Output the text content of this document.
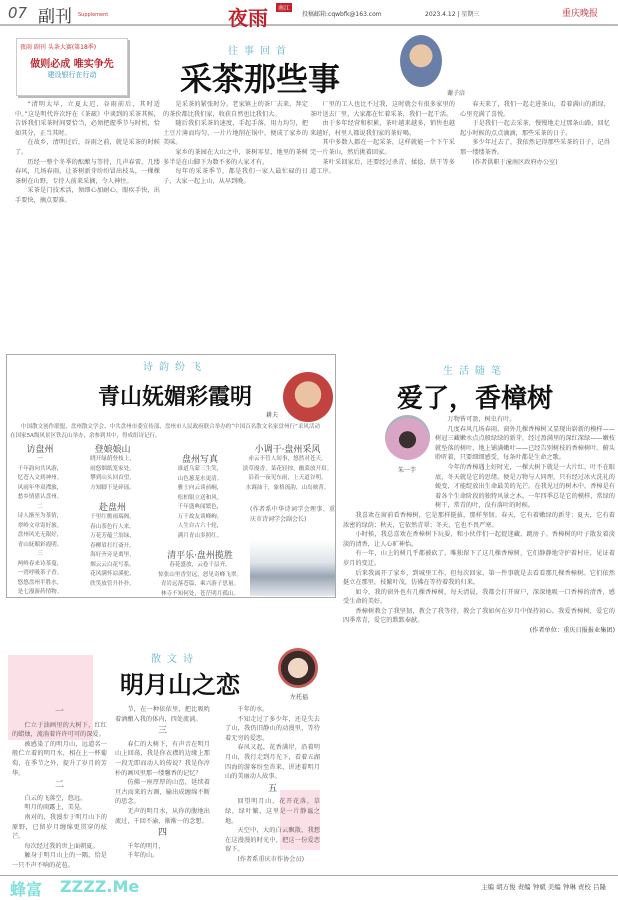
07 副刊 Supplement	夜雨	南江
投稿邮箱:cqwbfk@163.com	2023.4.12 | 星期三	重庆晚报
夜雨 副刊 头条大赛(第18季)
做则必成 唯实争先
建设银行在行动
往事回首
采茶那些事	谢子涪

“清明太早，立夏太迟，谷雨前后，其时适中。”这是明代许次纾在《茶疏》中谈到的采茶其候，告诉我们采茶时间要恰当，必须把握季节与时机，恰如其分，正当其时。

在故乡，清明过后，谷雨之前，就是采茶的时候了。

历经一整个冬季的酝酿与等待，几声春雷，几缕春风，几场春雨，让茶树新芽纷纷冒出枝头，一棵棵茶树在山野，专待人前来采摘，令人神往。

采茶是门技术活，须细心加耐心，眼疾手快，出手要快，摘点要准。

是采茶的紧张时分。老家镇上的茶厂去来，拜定的茶价都比我们家，收获自然也比我们大。

随后我们采茶的速度，手起手落，用力均匀，把土豆片薄而均匀，一片片地削在锅中，便成了家乡的美味。

家乡的茶园在大山之中，茶树零星，地里的茶树多半是在山脚下为数不多的人家才有。

每年的采茶季节，都是我们一家人最忙碌的日子，大家一起上山，从早到晚。

厂里的工人也比不过我，这时就会有很多家里的茶叶送去厂里，大家都在忙着采茶，我们一起干活。

由于多年经营和积累，茶叶越来越多，销售也越来越好，村里人都说我们家的茶好喝。

其中多数人都在一起采茶，这样就能一个下午采完一片茶山，然后挑着回家。

茶叶采回家后，还要经过杀青、揉捻、烘干等多道工序。

春天来了，我们一起走进茶山，看着满山的新绿，心里充满了喜悦。

于是我们一起去采茶，慢慢地走过那条山路，回忆起小时候的点点滴滴，那些采茶的日子。

多少年过去了，我依然记得那些采茶的日子，记得那一缕缕茶香。

(作者供职于潼南区政府办公室)

诗韵纷飞
青山妩媚彩霞明
耕夫

中国散文创作联盟、盘州散文学会、中共盘州市委宣传部、盘州市人民政府联合举办的“中国百名散文名家盘州行”采风活动在国家5A级风景区铁瓦山举办，余参到其中，得成组诗记行。

访盘州
一
千年韵向共风游，
忆苍入文到神州。
风雨年华双襟旅，
愁乡情猎认盘州。
二
诗人渐至为茶情，
翠岭文章寄好旅。
盘州风光无限好，
青山妩媚彩霞明。
三
两岭春来诗茶蔓，
一湾呼吸茶子香。
悠悠盘州半胜水，
是七漫游药情物。
登娘娘山
晓开绿荫登枝上，
雨悠烟纸笼家处。
攀到山头回首望，
方知脚下是碎瑶。
赴盘州
千里红檐雨瑞阁，
春山茶色行人来。
万花芳蕴兰翁绿，
春柳眉打红斋开。
海好齐旁是离里，
烟云云白花写系。
花风满怀凉溪驼，
欣笑放管升扑扑。
盘州写真
谁道乌蒙三生笑，
山色葱茏水更清。
雅士向云谈前峒，
松柏银立送和风。
千年盛典闻繁色，
万千故友谈峰峋。
人生自古六十轮，
满月青山多照红。
清平乐·盘州揽胜
春花盛放，云卷千层齐。
惊张山里香堂远，怒见奇峰飞翠。
青岩远落苍篇，乘兴游子思量。
林寺不知何处，苍茫明月孤山。
小调干·盘州采风
赤云不管人间事，悠然对苍天。
淡草漫香，菜花轻掠，幽菜放开眉。
沿着一夜见东雨，上天道谷明。
水调油干，象格流韵，山岛映菁。
(作者系中华诗词学会理事、重庆市诗词学会副会长)
生活随笔
爱了，香樟树
朱一芋

万物皆可盈，树虫有叶。

几度春风几场春雨，窗外几棵香樟树又显现出崭新的模样——树冠三藏嫩水点点般绿绿的新芽，经过盈满里的深红深绿——嫩枝就坠落的树叶，地上铺满嫩叶——已经告别树枝的香樟树叶。俯头聆听着，只要细细感受，每条叶都是生命之歌。

今年的香樟遇上好时光，一棵大树下就是一大片红，叶不在眼底，冬天就是它的思绪。便是万物与人同理，只有经过冰火洗礼的蜕变，才能绽放出生命最美的光芒。在我见过的树木中，香樟是有着各个生命阶段的独特风景之木。一年四季总是它的模样，常绿的树干，常青的叶，没有落叶的时候。

我喜欢在窗前看香樟树，它是那样挺拔，那样坚韧。春天，它有着嫩绿的新芽；夏天，它有着浓密的绿荫；秋天，它依然青翠；冬天，它也不畏严寒。

小时候，我总喜欢在香樟树下玩耍，和小伙伴们一起捉迷藏、跳房子。香樟树的叶子散发着淡淡的清香，让人心旷神怡。

有一年，山上的树几乎都被砍了，唯独留下了这几棵香樟树，它们静静地守护着村庄，见证着岁月的变迁。

后来我离开了家乡，到城里工作，但每次回家，第一件事就是去看看那几棵香樟树。它们依然挺立在那里，枝繁叶茂，仿佛在等待着我的归来。

如今，我的窗外也有几棵香樟树，每天清晨，我都会打开窗户，深深地吸一口香樟的清香，感受生命的美好。

香樟树教会了我坚韧，教会了我等待，教会了我如何在岁月中保持初心。我爱香樟树，爱它的四季常青，爱它的默默奉献。

(作者单位：重庆日报报业集团)

散文诗
明月山之恋	左托福
一

伫立于油画里的大树下，红红的蜡烛，流淌着许许可可的深爱。

被感染了的明月山，远道名一般伫立着的明月水，相在上一杯葡萄，在季节之外，提升了岁月的芳华。

二

白云的飞落空，悠远。

明月的雨露上，美晃。

南对的，我漫步于明月山下的原野，已留岁月缠绵更贯穿的炫芒。

每次经过我的世上面朝夏。

触身于明月山上的一隅，恰是一只不声不响的花苞。

节，在一种依依里，把比吸吮着酒酿入我的体内，四处流淌。

三

春仁的大树下，有声音在明月山上回荡，我是你衣襟的边缘上那一段无即而动人的传说？我是你淳朴的画风里那一缕馨香的记忆？

仿佛一座厚厚的山峦，延续着亘古而来的古调，输出成缠绵不断的思念。

无声的明月水，从你的腹地出流过，千回不渝，渐渐一的念想。

四

千年的明月，

千年的山。

千年的水。

不知走过了多少年，还是失去了山，我仍旧静山的动漫里，等待着无穷的爱恋。

春风又起，花香满岸，沿着明月山，我行走到月光下，看着五湖四海的游客纷至沓来，讲述着明月山的美丽动人故事。

五

回望明月山，花开花落，草绿，绿叶繁，这里是一片静谧之地。

天空中，大的白云飘散，我想在这漫漫的时光中，把这一份爱恋留下。

(作者系重庆市作协会员)

蜂富 ZZZZ.Me	主编 胡万俊 责编 钟斌 美编 钟琳 责校 吕隆
